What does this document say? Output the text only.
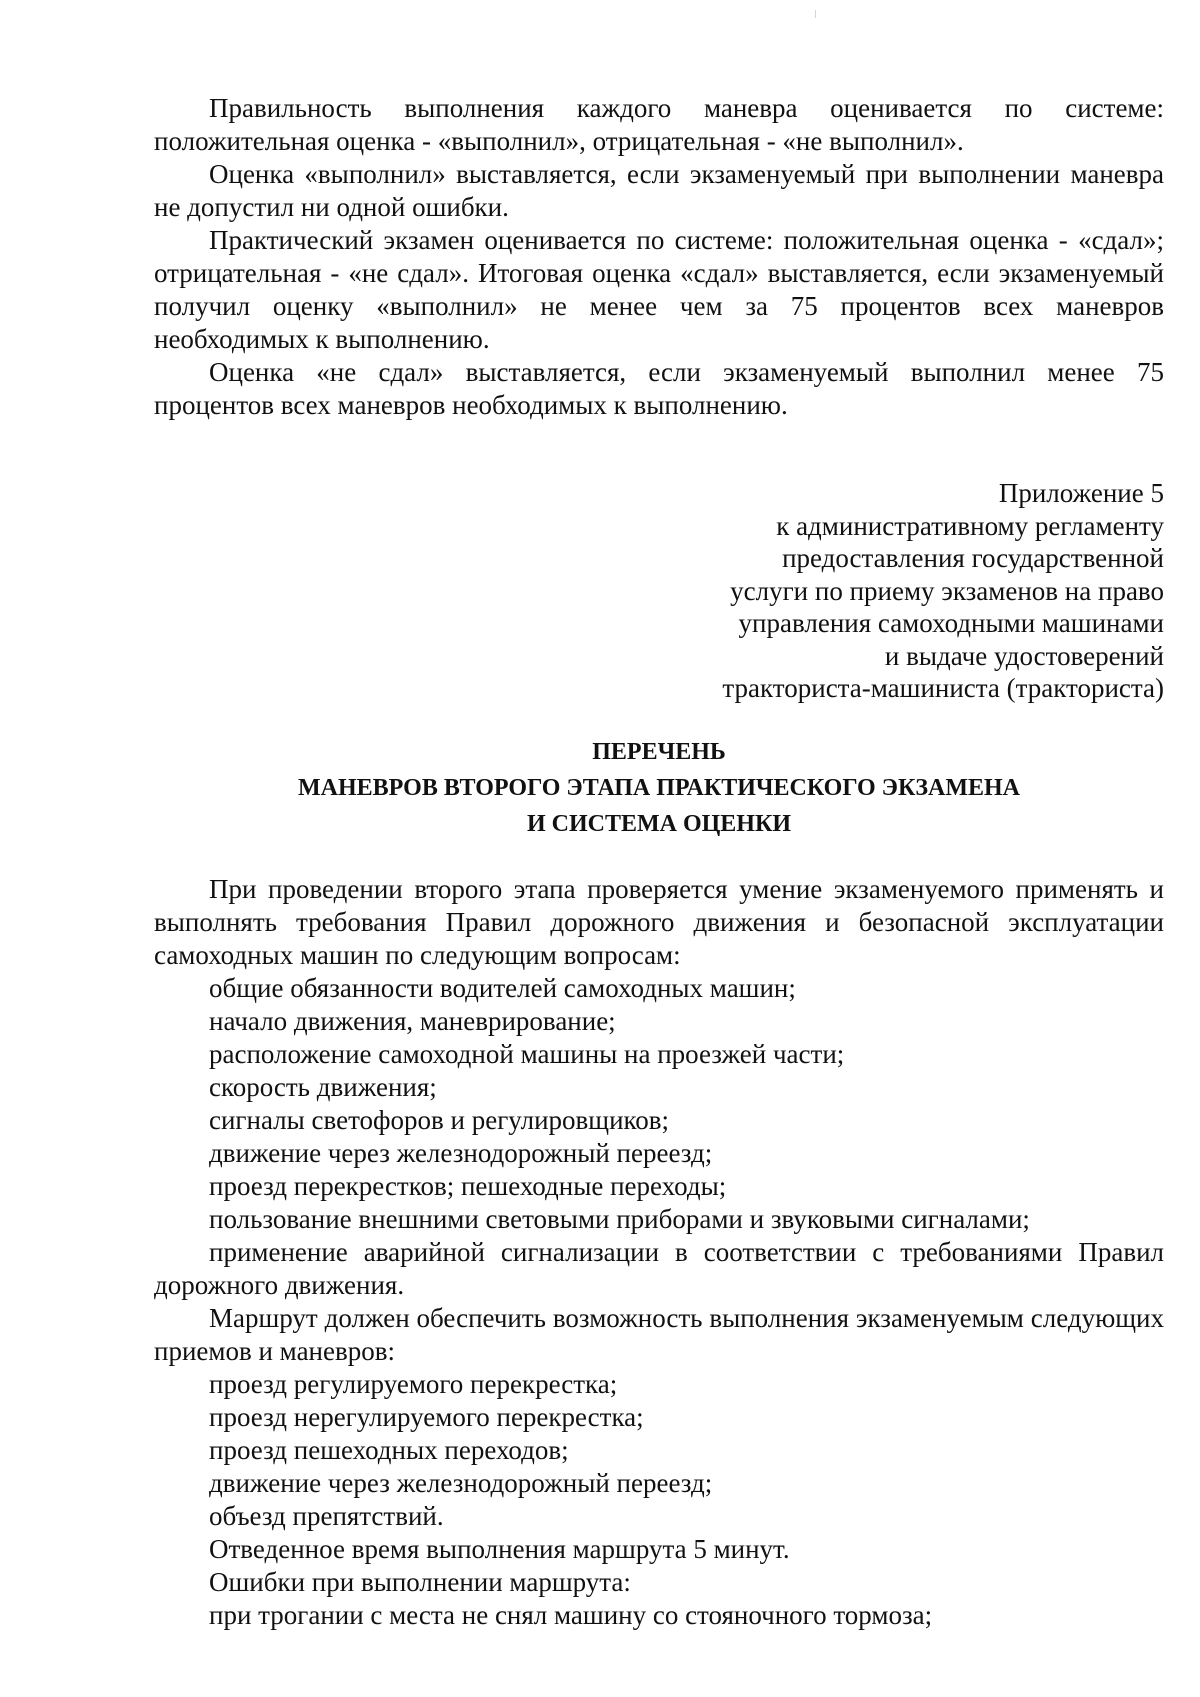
Правильность выполнения каждого маневра оценивается по системе: положительная оценка - «выполнил», отрицательная - «не выполнил».

Оценка «выполнил» выставляется, если экзаменуемый при выполнении маневра не допустил ни одной ошибки.

Практический экзамен оценивается по системе: положительная оценка - «сдал»; отрицательная - «не сдал». Итоговая оценка «сдал» выставляется, если экзаменуемый получил оценку «выполнил» не менее чем за 75 процентов всех маневров необходимых к выполнению.

Оценка «не сдал» выставляется, если экзаменуемый выполнил менее 75 процентов всех маневров необходимых к выполнению.

Приложение 5

к административному регламенту

предоставления государственной

услуги по приему экзаменов на право

управления самоходными машинами

и выдаче удостоверений

тракториста-машиниста (тракториста)

ПЕРЕЧЕНЬ

МАНЕВРОВ ВТОРОГО ЭТАПА ПРАКТИЧЕСКОГО ЭКЗАМЕНА

И СИСТЕМА ОЦЕНКИ

При проведении второго этапа проверяется умение экзаменуемого применять и выполнять требования Правил дорожного движения и безопасной эксплуатации самоходных машин по следующим вопросам:

общие обязанности водителей самоходных машин;

начало движения, маневрирование;

расположение самоходной машины на проезжей части;

скорость движения;

сигналы светофоров и регулировщиков;

движение через железнодорожный переезд;

проезд перекрестков; пешеходные переходы;

пользование внешними световыми приборами и звуковыми сигналами;

применение аварийной сигнализации в соответствии с требованиями Правил дорожного движения.

Маршрут должен обеспечить возможность выполнения экзаменуемым следующих приемов и маневров:

проезд регулируемого перекрестка;

проезд нерегулируемого перекрестка;

проезд пешеходных переходов;

движение через железнодорожный переезд;

объезд препятствий.

Отведенное время выполнения маршрута 5 минут.

Ошибки при выполнении маршрута:

при трогании с места не снял машину со стояночного тормоза;
